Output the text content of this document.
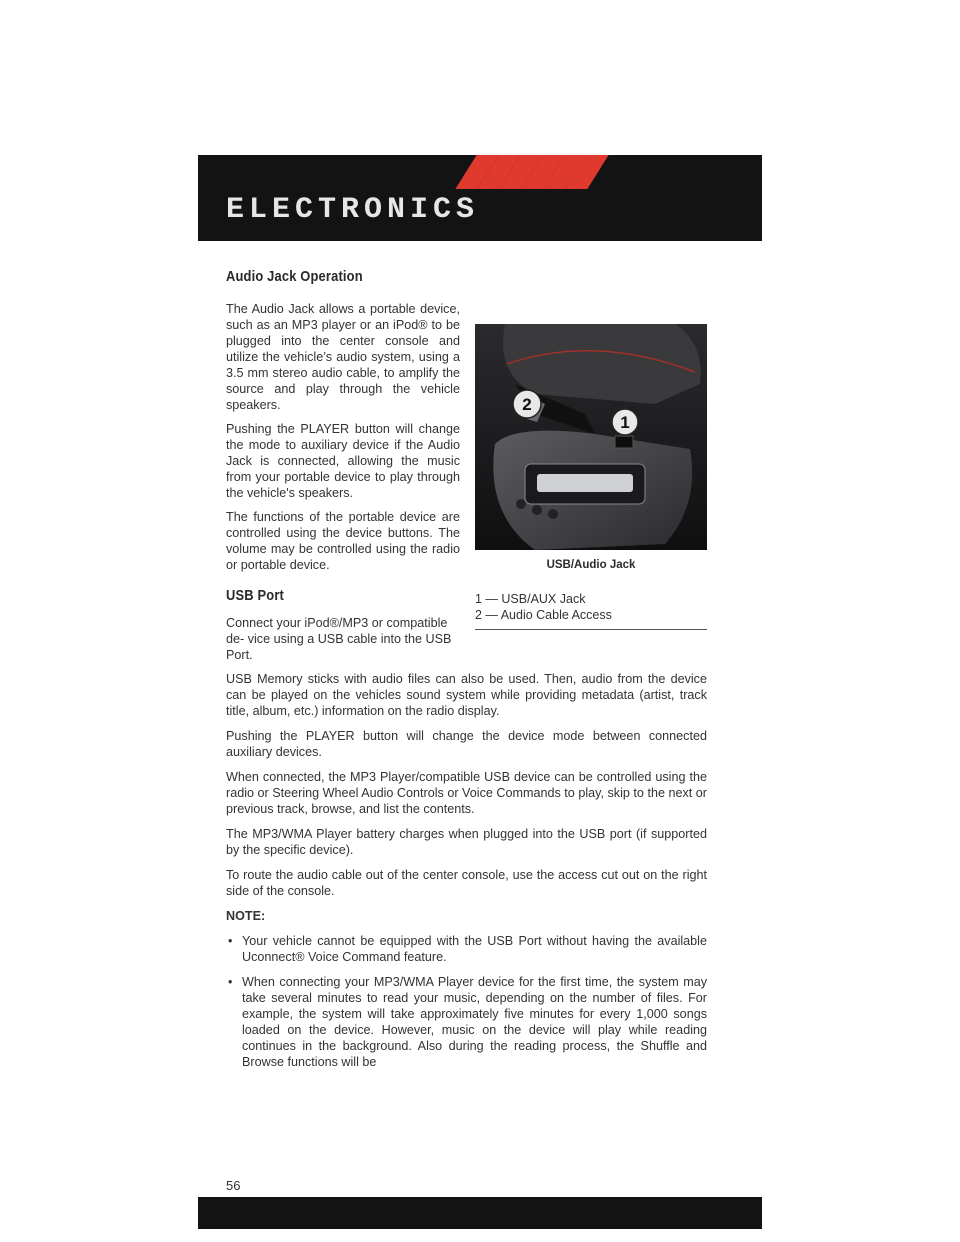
ELECTRONICS
Audio Jack Operation

The Audio Jack allows a portable device, such as an MP3 player or an iPod® to be plugged into the center console and utilize the vehicle’s audio system, using a 3.5 mm stereo audio cable, to amplify the source and play through the vehicle speakers.

Pushing the PLAYER button will change the mode to auxiliary device if the Audio Jack is connected, allowing the music from your portable device to play through the vehicle's speakers.

The functions of the portable device are controlled using the device buttons. The volume may be controlled using the radio or portable device.

USB Port

Connect your iPod®/MP3 or compatible de- vice using a USB cable into the USB Port.

2
1
USB/Audio Jack
1 — USB/AUX Jack
2 — Audio Cable Access

USB Memory sticks with audio files can also be used. Then, audio from the device can be played on the vehicles sound system while providing metadata (artist, track title, album, etc.) information on the radio display.

Pushing the PLAYER button will change the device mode between connected auxiliary devices.

When connected, the MP3 Player/compatible USB device can be controlled using the radio or Steering Wheel Audio Controls or Voice Commands to play, skip to the next or previous track, browse, and list the contents.

The MP3/WMA Player battery charges when plugged into the USB port (if supported by the specific device).

To route the audio cable out of the center console, use the access cut out on the right side of the console.

NOTE:

• Your vehicle cannot be equipped with the USB Port without having the available Uconnect® Voice Command feature.
• When connecting your MP3/WMA Player device for the first time, the system may take several minutes to read your music, depending on the number of files. For example, the system will take approximately five minutes for every 1,000 songs loaded on the device. However, music on the device will play while reading continues in the background. Also during the reading process, the Shuffle and Browse functions will be

56
